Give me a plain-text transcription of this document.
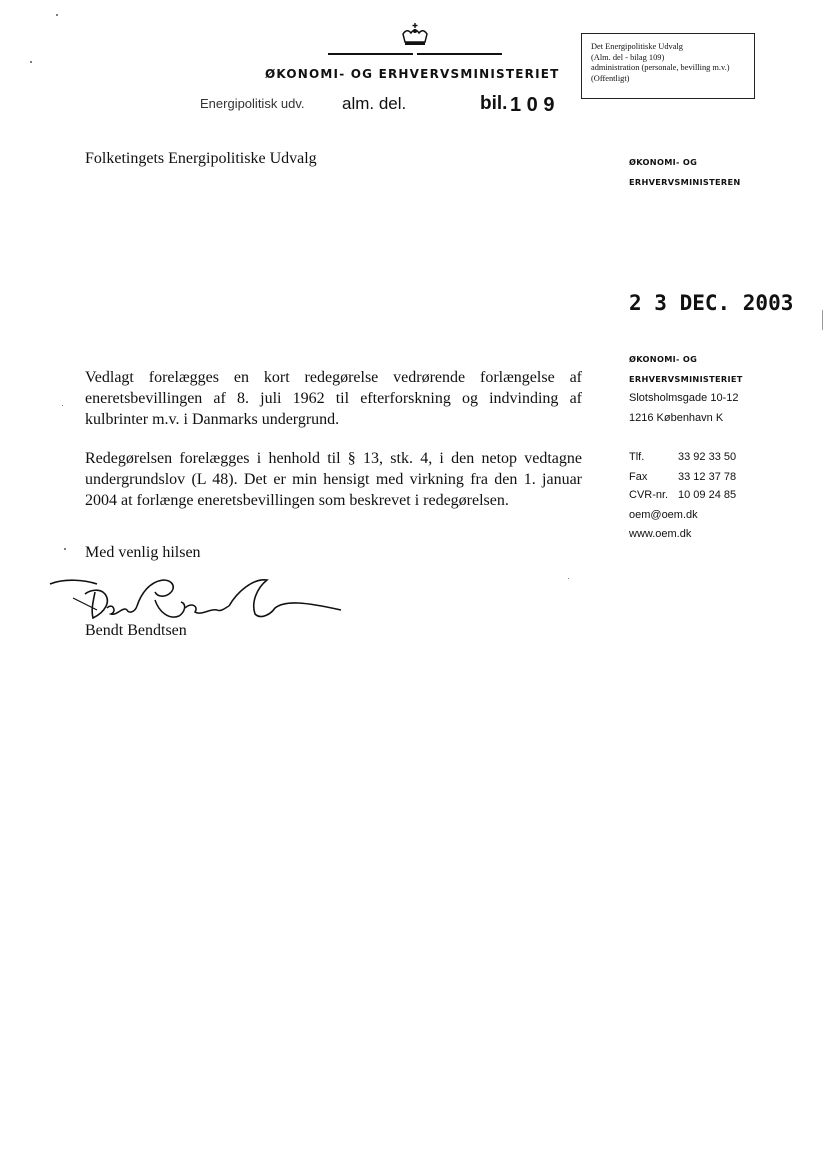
ØKONOMI- OG ERHVERVSMINISTERIET
Det Energipolitiske Udvalg
(Alm. del - bilag 109)
administration (personale, bevilling m.v.)
(Offentligt)
Energipolitisk udv. alm. del.	bil. 1 0 9
Folketingets Energipolitiske Udvalg	ØKONOMI- OG
ERHVERVSMINISTEREN
2 3 DEC. 2003
ØKONOMI- OG
ERHVERVSMINISTERIET
Slotsholmsgade 10-12
1216 København K
Tlf.	33 92 33 50
Fax	33 12 37 78
CVR-nr. 10 09 24 85
oem@oem.dk
www.oem.dk
Vedlagt forelægges en kort redegørelse vedrørende forlængelse af eneretsbevillingen af 8. juli 1962 til efterforskning og indvinding af kulbrinter m.v. i Danmarks undergrund.
Redegørelsen forelægges i henhold til § 13, stk. 4, i den netop vedtagne undergrundslov (L 48). Det er min hensigt med virkning fra den 1. januar 2004 at forlænge eneretsbevillingen som beskrevet i redegørelsen.
Med venlig hilsen
Bendt Bendtsen
